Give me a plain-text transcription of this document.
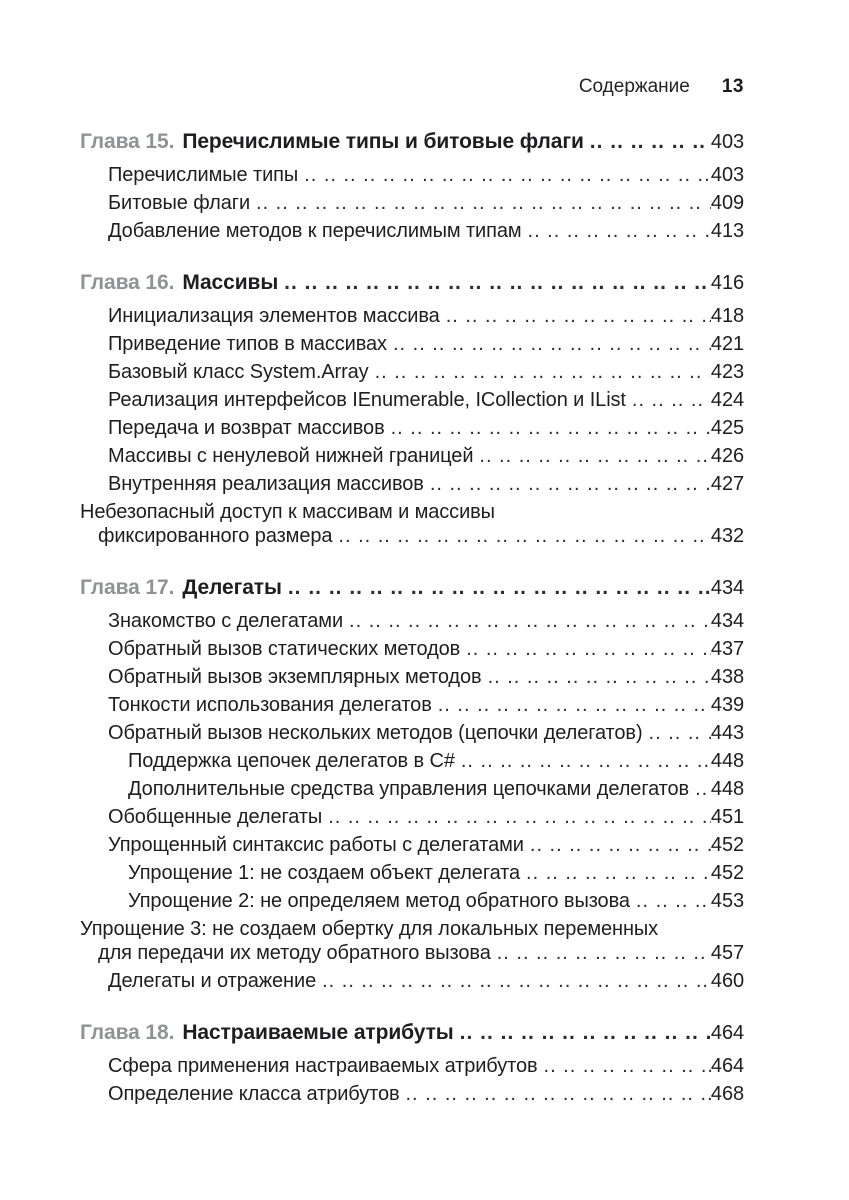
Содержание 13
Глава 15. Перечислимые типы и битовые флаги .. ..	403
Перечислимые типы .. ..	403
Битовые флаги .. ..	409
Добавление методов к перечислимым типам .. ..	413
Глава 16. Массивы .. ..	416
Инициализация элементов массива .. ..	418
Приведение типов в массивах .. ..	421
Базовый класс System.Array .. ..	423
Реализация интерфейсов IEnumerable, ICollection и IList .. ..	424
Передача и возврат массивов .. ..	425
Массивы с ненулевой нижней границей .. ..	426
Внутренняя реализация массивов .. ..	427
Небезопасный доступ к массивам и массивы
фиксированного размера .. ..	432
Глава 17. Делегаты .. ..	434
Знакомство с делегатами .. ..	434
Обратный вызов статических методов .. ..	437
Обратный вызов экземплярных методов .. ..	438
Тонкости использования делегатов .. ..	439
Обратный вызов нескольких методов (цепочки делегатов) .. ..	443
Поддержка цепочек делегатов в C# .. ..	448
Дополнительные средства управления цепочками делегатов .. .. 448
Обобщенные делегаты .. ..	451
Упрощенный синтаксис работы с делегатами .. ..	452
Упрощение 1: не создаем объект делегата .. ..	452
Упрощение 2: не определяем метод обратного вызова .. ..	453
Упрощение 3: не создаем обертку для локальных переменных
для передачи их методу обратного вызова .. ..	457
Делегаты и отражение .. ..	460
Глава 18. Настраиваемые атрибуты .. ..	464
Сфера применения настраиваемых атрибутов .. ..	464
Определение класса атрибутов .. ..	468
